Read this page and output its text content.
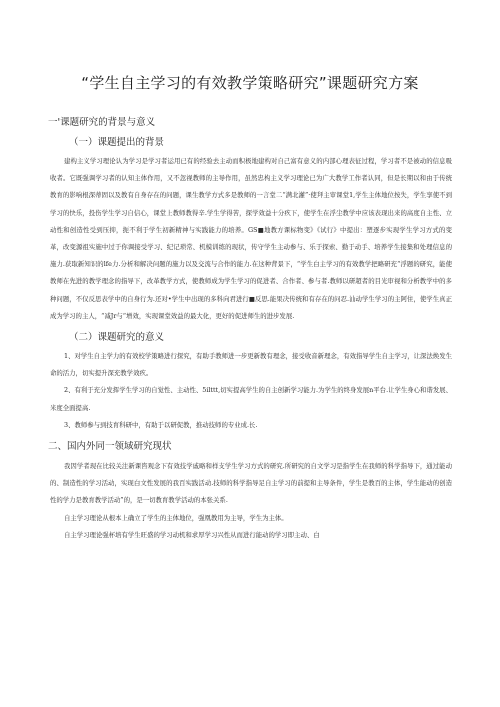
“学生自主学习的有效教学策略研究”课题研究方案
一'课题研究的背景与意义
（一）课题提出的背景

建构主义学习理论认为学习是学习者运用已有的经验去主动而积极地建构对自己富有意义的内部心理表征过程，学习者不是被动的信息吸收者。它既强调学习者的认知主体作用，又不忽视教师的主导作用，虽然忠构主义学习理论已为广大教学工作者认同，但是长期以和由于传统教育的影响根深蒂固以及教有自身存在的问题，课生教学方式多是教师的一言堂二“满北灌”·使拜主审课堂1,学生主体地位按失，学生享使不到学习的快乐，投伤学生学习自信心，课堂上教师教得辛.学生学得苦，探学效益十分疚下，使学生在浮尘教学中应该表现出来的高度自主性、立动性和创造性受到压抑，扼不利于学生初新精神与实践能力的培养。GS■地教方课标物变》《试行》中提出：塑逐步实现学生学习方式的变革，改变源祖实施中过于你调接受学习、纪记琐常、机模训练的现状，传守学生主动参与、乐于探索、勤于动手、培养学生接集和处理信息的施力.获取新知识的lfe力.分析和解决问题的施力以及交流与合作的能力.在这种背景下，“学生白主学习的有效教学把略研充“浮题的研究，能使教师在先进的教学理念的指导下，改革教学方式，使教师成为学生学习的促进者、合作者、参与者.教师以研超者的目光审视和分析教学中的多种问题，不仅反思表学中的自身行为.还对•学生中出现的多科向君进行■反思.能果决传统和有存在的问忍.汕动学生学习的主阿住，使学生真正成为学习的主人，“减Jr与“增效，实现课堂效益的最大化，更好的促进师生的进步发展.

（二）课题研究的意义

1、对学生自主学力的有效校学策略进行探究，有助手教师进一步更新教有理念，接受收音新理念，有效指导学生自主学习，让深法焕发生命的活力，切实提升深充教学效疚。

2、有利于充分发挥学生学习的自觉性、主动性、5ilttt,切实提高学生的自主创新学习能力.为学生的终身发展n平台.让学生身心和谐发展、米度全面提高.

3、教师参与到技育科研中，有助于以研促教，推动技师的专业成.长.

二、国内外同一领域研究现状

我因学者现在比较关注新课咨观念下有效技学戚略和样支学生学习方式的研究.所研究的自文学习是指学生在我师的科学指导下，通过能动的、制造性的学习活动，实现白文性发展的我百实践活动.技师的科学指导足自主学习的前提和主导条件，学生是教百的主体，学生能动的创造性的学力是教育教学活动”的，是一切教育教学活动的本张关系.

自主学习理论从根本上确立了学生的主体地位，强凰教用为主导，学生为主体。

自主学习理论强杯培有学生旺盛的学习动机和求厚学习兴性从而进行能动的学习即主动、白
